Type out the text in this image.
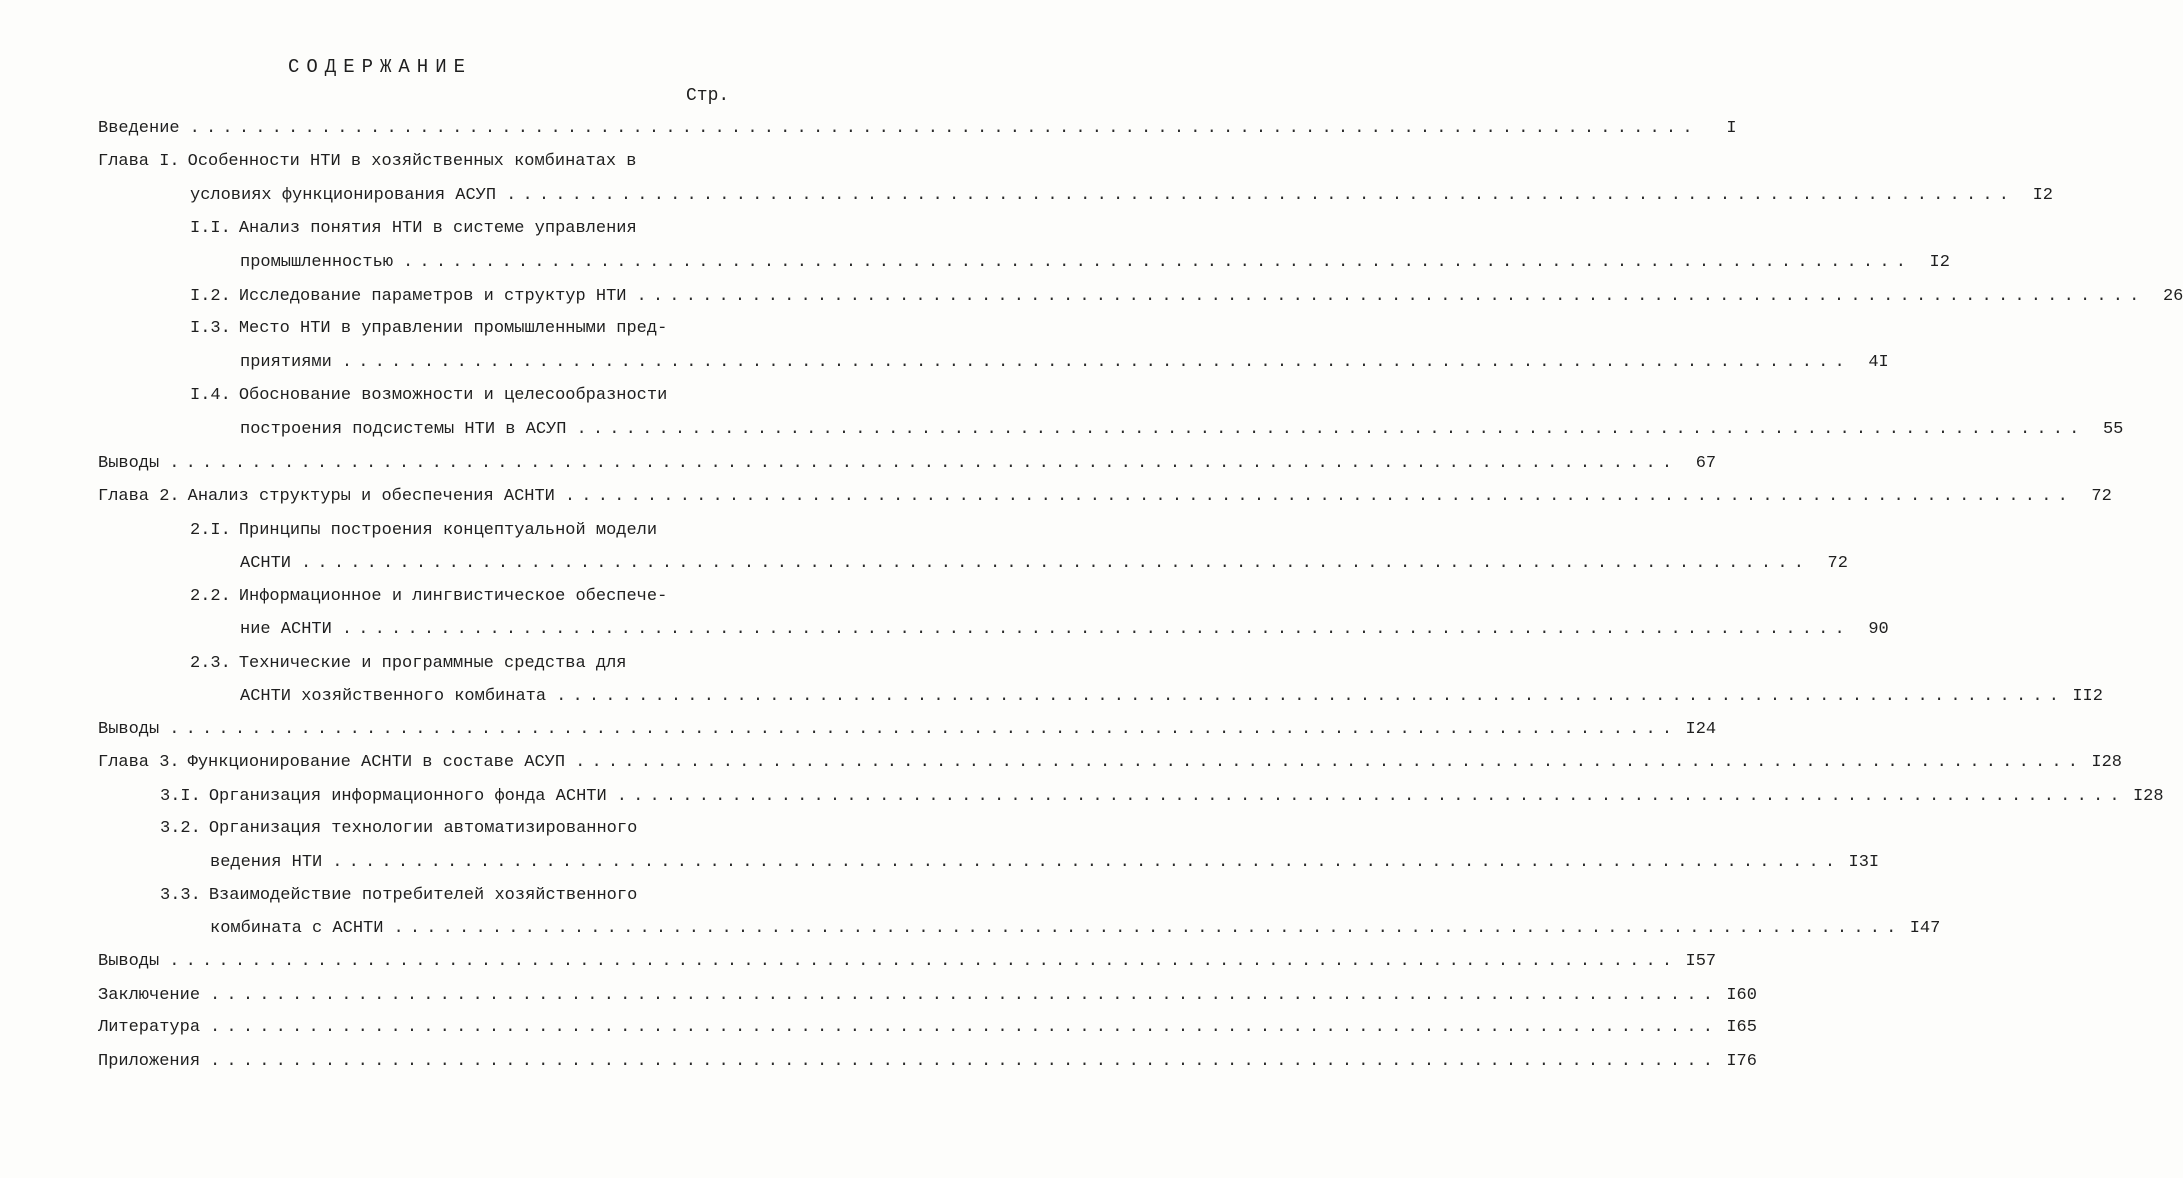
СОДЕРЖАНИЕ
Стр.
Введение . . .	I
Глава I. Особенности НТИ в хозяйственных комбинатах в
условиях функционирования АСУП . . .	I2
I.I. Анализ понятия НТИ в системе управления
промышленностью . . .	I2
I.2. Исследование параметров и структур НТИ . . .	26
I.3. Место НТИ в управлении промышленными пред-
приятиями . . .	4I
I.4. Обоснование возможности и целесообразности
построения подсистемы НТИ в АСУП . . .	55
Выводы . . .	67
Глава 2. Анализ структуры и обеспечения АСНТИ . . .	72
2.I. Принципы построения концептуальной модели
АСНТИ . . .	72
2.2. Информационное и лингвистическое обеспече-
ние АСНТИ . . .	90
2.3. Технические и программные средства для
АСНТИ хозяйственного комбината . . .	II2
Выводы . . .	I24
Глава 3. Функционирование АСНТИ в составе АСУП . . .	I28
3.I. Организация информационного фонда АСНТИ . . .	I28
3.2. Организация технологии автоматизированного
ведения НТИ . . .	I3I
3.3. Взаимодействие потребителей хозяйственного
комбината с АСНТИ . . .	I47
Выводы . . .	I57
Заключение . . .	I60
Литература . . .	I65
Приложения . . .	I76
